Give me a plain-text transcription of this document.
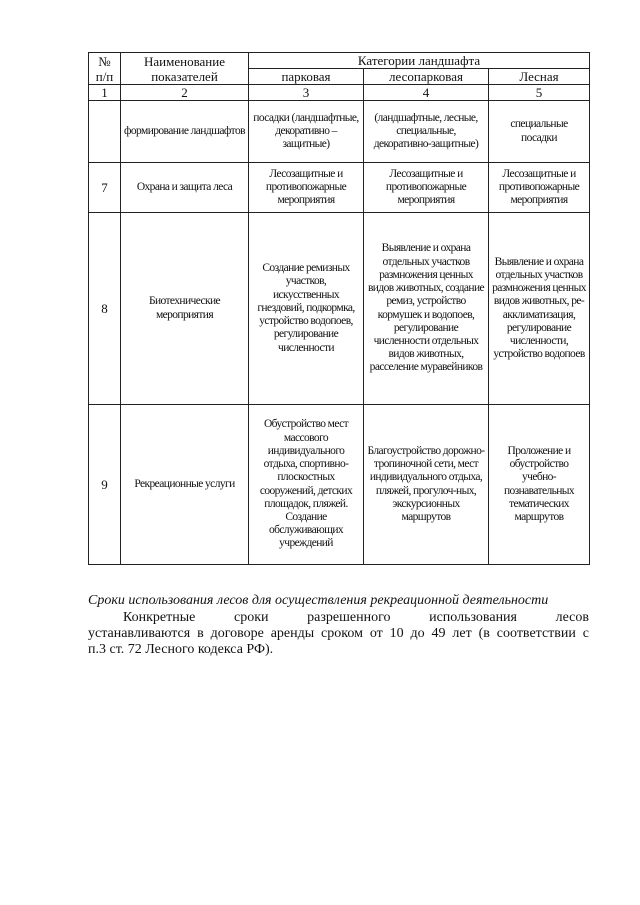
№ п/п	Наименование показателей	Категории ландшафта		
		парковая	лесопарковая	Лесная
1	2	3	4	5
	формирование ландшафтов	посадки (ландшафтные, декоративно – защитные)	(ландшафтные, лесные, специальные, декоративно-защитные)	специальные посадки
7	Охрана и защита леса	Лесозащитные и противопожарные мероприятия	Лесозащитные и противопожарные мероприятия	Лесозащитные и противопожарные мероприятия
8	Биотехнические мероприятия	Создание ремизных участков, искусственных гнездовий, подкормка, устройство водопоев, регулирование численности	Выявление и охрана отдельных участков размножения ценных видов животных, создание ремиз, устройство кормушек и водопоев, регулирование численности отдельных видов животных, расселение муравейников	Выявление и охрана отдельных участков размножения ценных видов животных, ре-акклиматизация, регулирование численности, устройство водопоев
9	Рекреационные услуги	Обустройство мест массового индивидуального отдыха, спортивно-плоскостных сооружений, детских площадок, пляжей. Создание обслуживающих учреждений	Благоустройство дорожно-тропиночной сети, мест индивидуального отдыха, пляжей, прогулоч-ных, экскурсионных маршрутов	Проложение и обустройство учебно-познавательных тематических маршрутов
Сроки использования лесов для осуществления рекреационной деятельности
Конкретные сроки разрешенного использования лесов
устанавливаются в договоре аренды сроком от 10 до 49 лет (в соответствии с
п.3 ст. 72 Лесного кодекса РФ).
